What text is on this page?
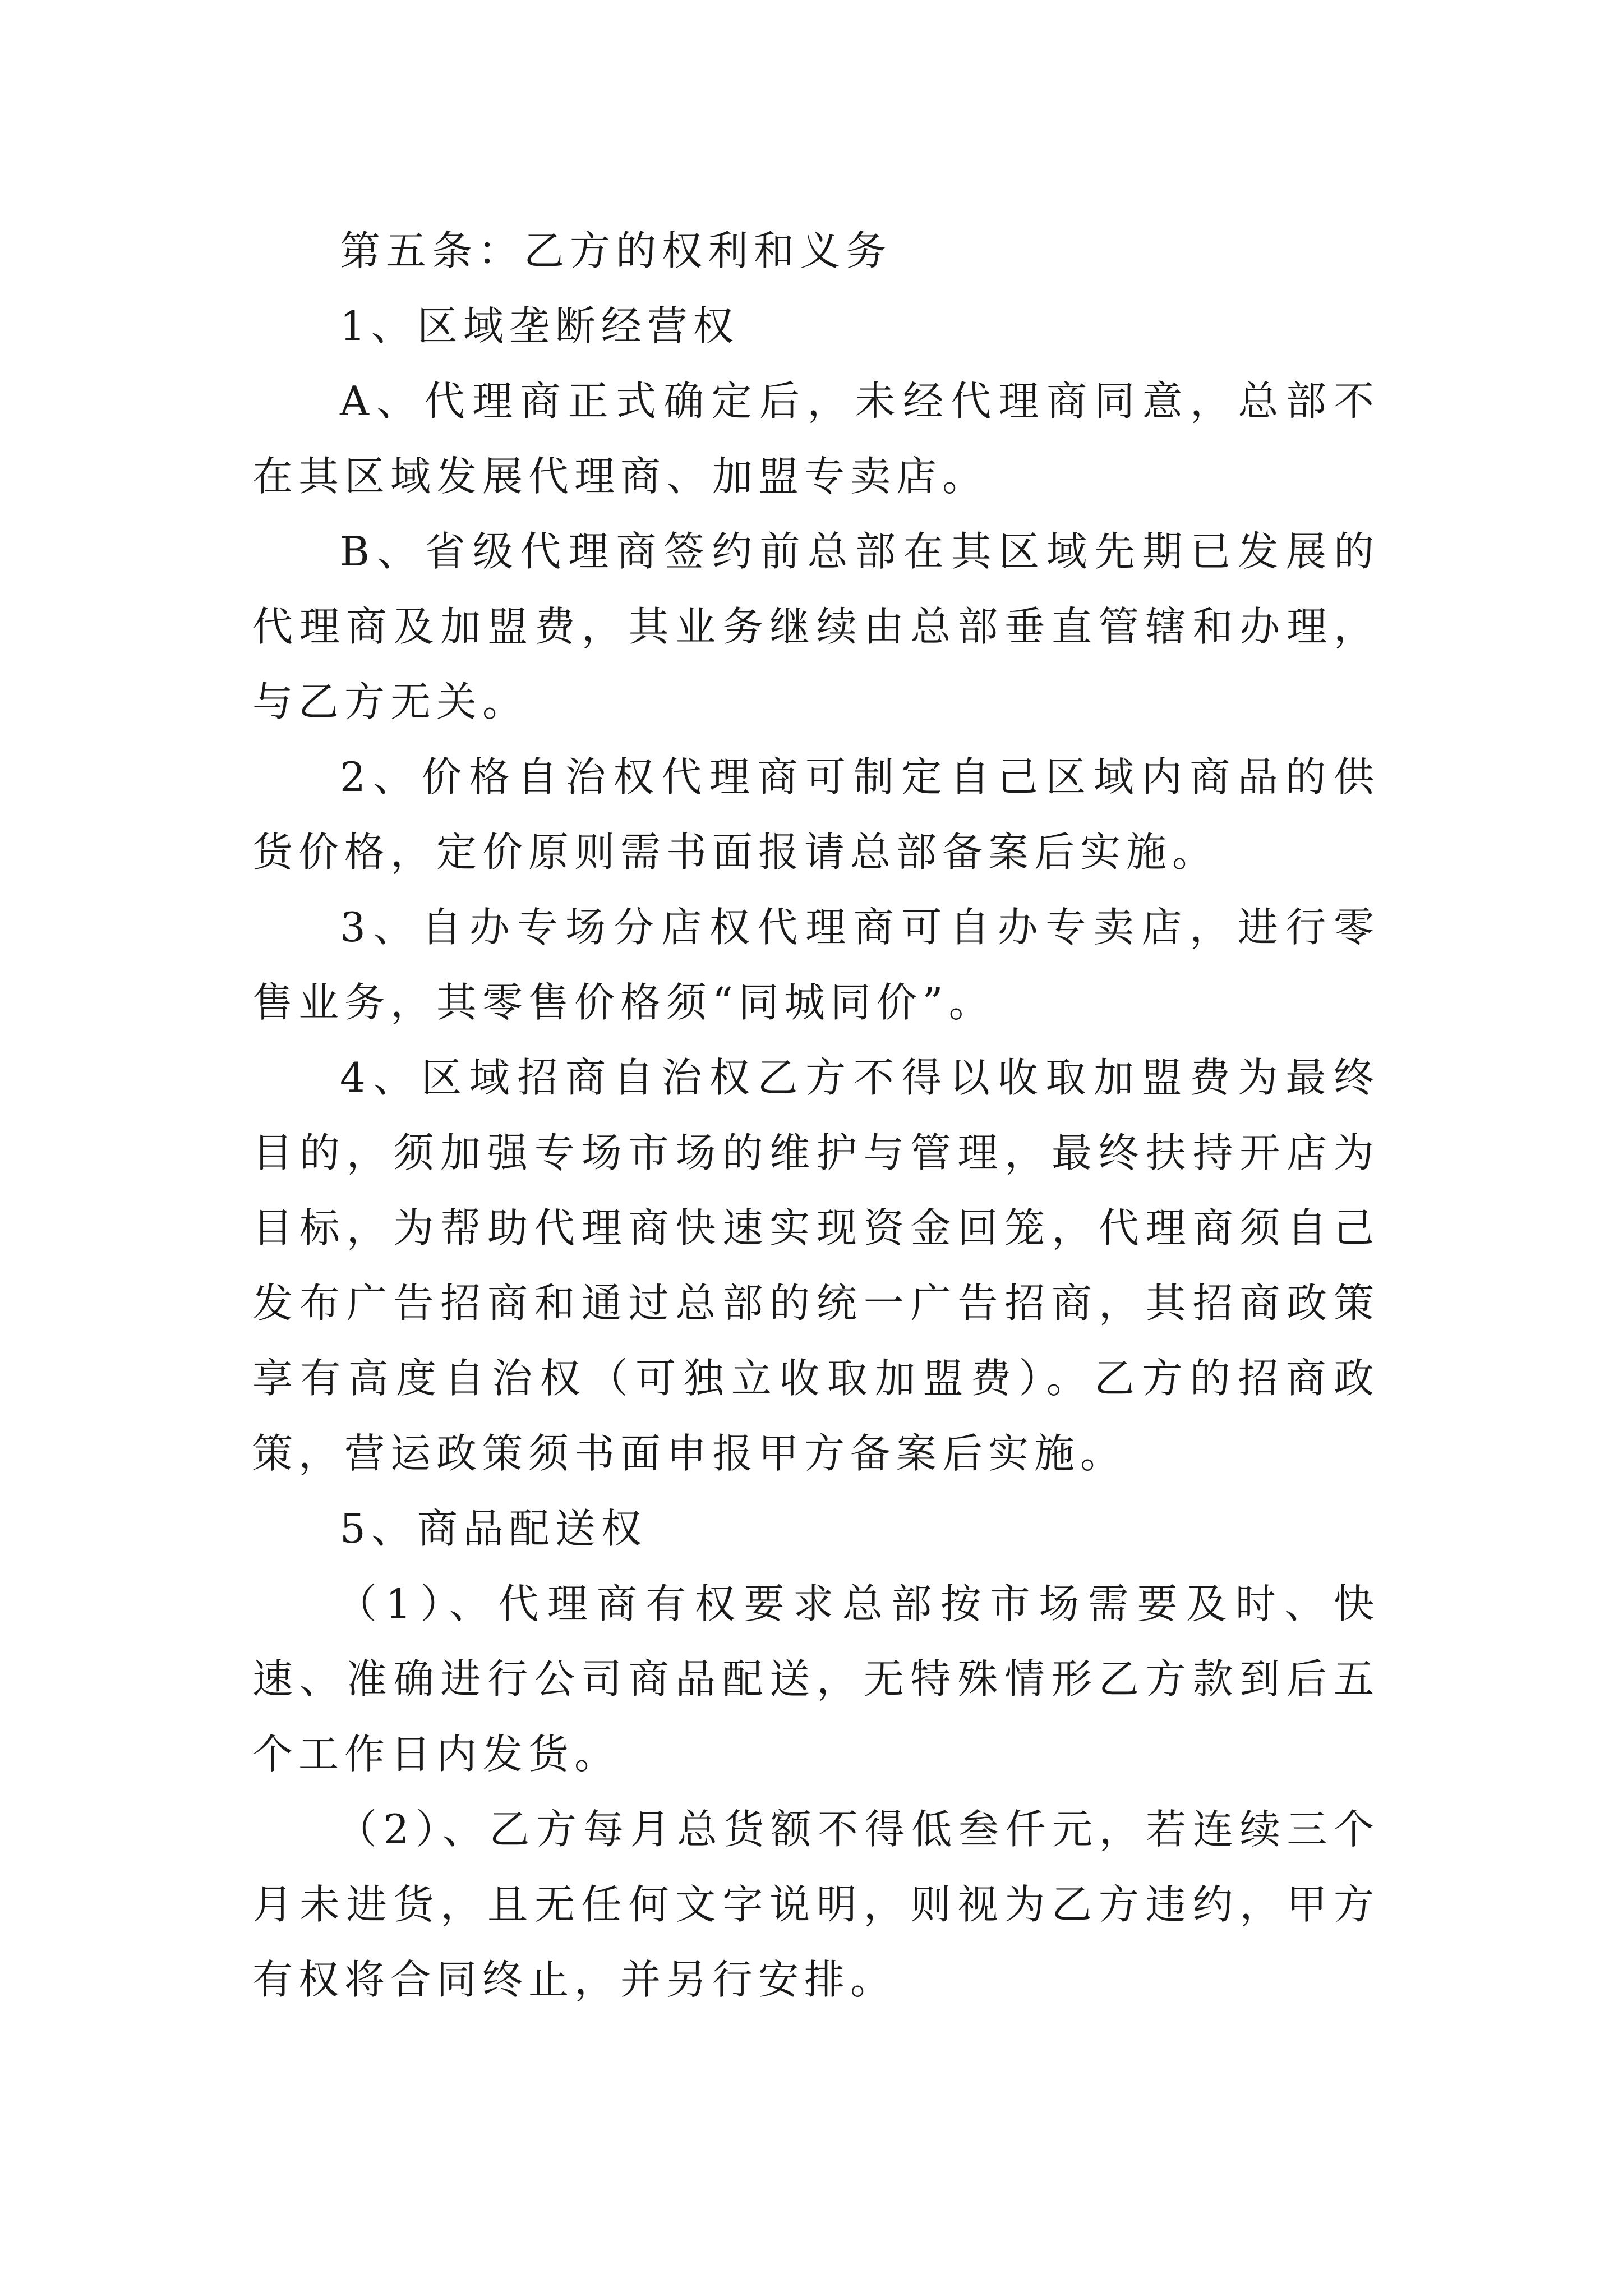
第五条：乙方的权利和义务

1、区域垄断经营权

A、代理商正式确定后，未经代理商同意，总部不在其区域发展代理商、加盟专卖店。

B、省级代理商签约前总部在其区域先期已发展的代理商及加盟费，其业务继续由总部垂直管辖和办理，与乙方无关。

2、价格自治权代理商可制定自己区域内商品的供货价格，定价原则需书面报请总部备案后实施。

3、自办专场分店权代理商可自办专卖店，进行零售业务，其零售价格须“同城同价”。

4、区域招商自治权乙方不得以收取加盟费为最终目的，须加强专场市场的维护与管理，最终扶持开店为目标，为帮助代理商快速实现资金回笼，代理商须自己发布广告招商和通过总部的统一广告招商，其招商政策享有高度自治权（可独立收取加盟费）。乙方的招商政策，营运政策须书面申报甲方备案后实施。

5、商品配送权

（1）、代理商有权要求总部按市场需要及时、快速、准确进行公司商品配送，无特殊情形乙方款到后五个工作日内发货。

（2）、乙方每月总货额不得低叁仟元，若连续三个月未进货，且无任何文字说明，则视为乙方违约，甲方有权将合同终止，并另行安排。
